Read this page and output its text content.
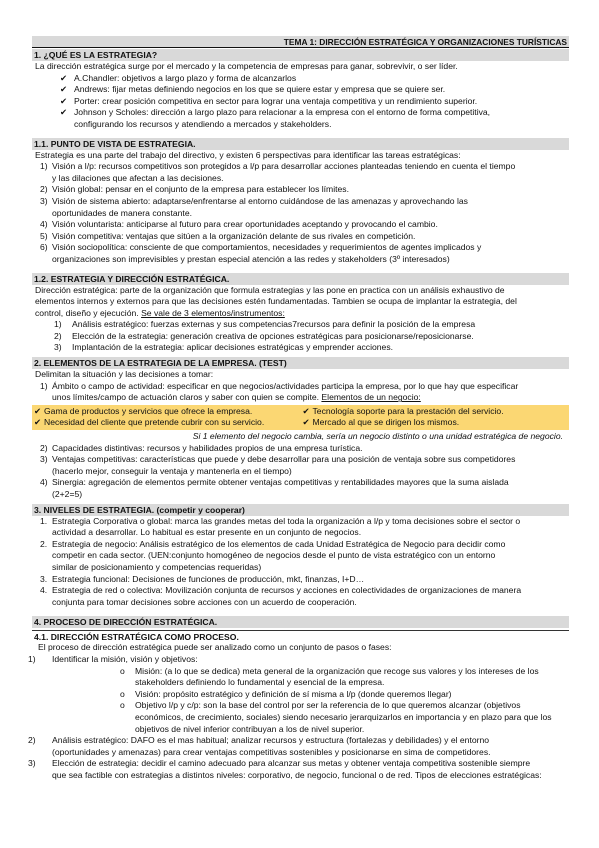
TEMA 1: DIRECCIÓN ESTRATÉGICA Y ORGANIZACIONES TURÍSTICAS
1. ¿QUÉ ES LA ESTRATEGIA?
La dirección estratégica surge por el mercado y la competencia de empresas para ganar, sobrevivir, o ser líder.
✔ A.Chandler: objetivos a largo plazo y forma de alcanzarlos
✔ Andrews: fijar metas definiendo negocios en los que se quiere estar y empresa que se quiere ser.
✔ Porter: crear posición competitiva en sector para lograr una ventaja competitiva y un rendimiento superior.
✔ Johnson y Scholes: dirección a largo plazo para relacionar a la empresa con el entorno de forma competitiva,
configurando los recursos y atendiendo a mercados y stakeholders.
1.1. PUNTO DE VISTA DE ESTRATEGIA.
Estrategia es una parte del trabajo del directivo, y existen 6 perspectivas para identificar las tareas estratégicas:
1) Visión a l/p: recursos competitivos son protegidos a l/p para desarrollar acciones planteadas teniendo en cuenta el tiempo
y las dilaciones que afectan a las decisiones.
2) Visión global: pensar en el conjunto de la empresa para establecer los límites.
3) Visión de sistema abierto: adaptarse/enfrentarse al entorno cuidándose de las amenazas y aprovechando las
oportunidades de manera constante.
4) Visión voluntarista: anticiparse al futuro para crear oportunidades aceptando y provocando el cambio.
5) Visión competitiva: ventajas que sitúen a la organización delante de sus rivales en competición.
6) Visión sociopolítica: consciente de que comportamientos, necesidades y requerimientos de agentes implicados y
organizaciones son imprevisibles y prestan especial atención a las redes y stakeholders (3º interesados)
1.2. ESTRATEGIA Y DIRECCIÓN ESTRATÉGICA.
Dirección estratégica: parte de la organización que formula estrategias y las pone en practica con un análisis exhaustivo de
elementos internos y externos para que las decisiones estén fundamentadas. Tambien se ocupa de implantar la estrategia, del
control, diseño y ejecución. Se vale de 3 elementos/instrumentos:
1) Análisis estratégico: fuerzas externas y sus competencias7recursos para definir la posición de la empresa
2) Elección de la estrategia: generación creativa de opciones estratégicas para posicionarse/reposicionarse.
3) Implantación de la estrategia: aplicar decisiones estratégicas y emprender acciones.
2. ELEMENTOS DE LA ESTRATEGIA DE LA EMPRESA. (TEST)
Delimitan la situación y las decisiones a tomar:
1) Ámbito o campo de actividad: especificar en que negocios/actividades participa la empresa, por lo que hay que especificar
unos límites/campo de actuación claros y saber con quien se compite. Elementos de un negocio:
✔ Gama de productos y servicios que ofrece la empresa.	✔ Tecnología soporte para la prestación del servicio.
✔ Necesidad del cliente que pretende cubrir con su servicio.	✔ Mercado al que se dirigen los mismos.
Si 1 elemento del negocio cambia, sería un negocio distinto o una unidad estratégica de negocio.
2) Capacidades distintivas: recursos y habilidades propios de una empresa turística.
3) Ventajas competitivas: características que puede y debe desarrollar para una posición de ventaja sobre sus competidores
(hacerlo mejor, conseguir la ventaja y mantenerla en el tiempo)
4) Sinergia: agregación de elementos permite obtener ventajas competitivas y rentabilidades mayores que la suma aislada
(2+2=5)
3. NIVELES DE ESTRATEGIA. (competir y cooperar)
1. Estrategia Corporativa o global: marca las grandes metas del toda la organización a l/p y toma decisiones sobre el sector o
actividad a desarrollar. Lo habitual es estar presente en un conjunto de negocios.
2. Estrategia de negocio: Análisis estratégico de los elementos de cada Unidad Estratégica de Negocio para decidir como
competir en cada sector. (UEN:conjunto homogéneo de negocios desde el punto de vista estratégico con un entorno
similar de posicionamiento y competencias requeridas)
3. Estrategia funcional: Decisiones de funciones de producción, mkt, finanzas, I+D…
4. Estrategia de red o colectiva: Movilización conjunta de recursos y acciones en colectividades de organizaciones de manera
conjunta para tomar decisiones sobre acciones con un acuerdo de cooperación.
4. PROCESO DE DIRECCIÓN ESTRATÉGICA.
4.1. DIRECCIÓN ESTRATÉGICA COMO PROCESO.
El proceso de dirección estratégica puede ser analizado como un conjunto de pasos o fases:
1) Identificar la misión, visión y objetivos:
o Misión: (a lo que se dedica) meta general de la organización que recoge sus valores y los intereses de los
stakeholders definiendo lo fundamental y esencial de la empresa.
o Visión: propósito estratégico y definición de sí misma a l/p (donde queremos llegar)
o Objetivo l/p y c/p: son la base del control por ser la referencia de lo que queremos alcanzar (objetivos
económicos, de crecimiento, sociales) siendo necesario jerarquizarlos en importancia y en plazo para que los
objetivos de nivel inferior contribuyan a los de nivel superior.
2) Análisis estratégico: DAFO es el mas habitual; analizar recursos y estructura (fortalezas y debilidades) y el entorno
(oportunidades y amenazas) para crear ventajas competitivas sostenibles y posicionarse en sima de competidores.
3) Elección de estrategia: decidir el camino adecuado para alcanzar sus metas y obtener ventaja competitiva sostenible siempre
que sea factible con estrategias a distintos niveles: corporativo, de negocio, funcional o de red. Tipos de elecciones estratégicas:
